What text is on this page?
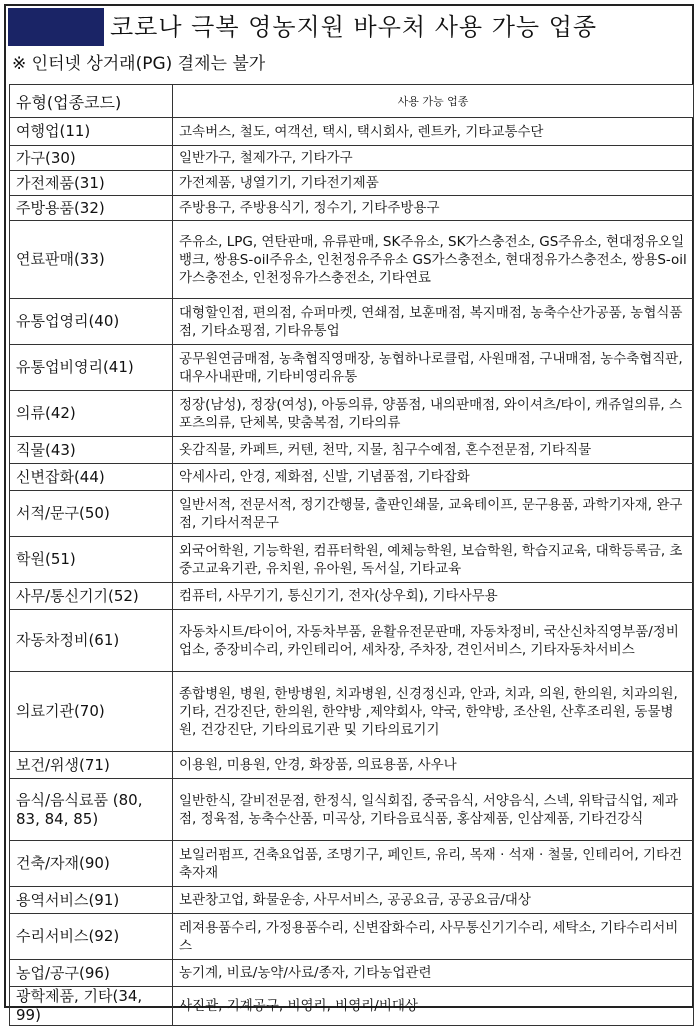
코로나 극복 영농지원 바우처 사용 가능 업종
※ 인터넷 상거래(PG) 결제는 불가
유형(업종코드)	사용 가능 업종
여행업(11)	고속버스, 철도, 여객선, 택시, 택시회사, 렌트카, 기타교통수단
가구(30)	일반가구, 철제가구, 기타가구
가전제품(31)	가전제품, 냉열기기, 기타전기제품
주방용품(32)	주방용구, 주방용식기, 정수기, 기타주방용구
연료판매(33)	주유소, LPG, 연탄판매, 유류판매, SK주유소, SK가스충전소, GS주유소, 현대정유오일뱅크, 쌍용S-oil주유소, 인천정유주유소 GS가스충전소, 현대정유가스충전소, 쌍용S-oil가스충전소, 인천정유가스충전소, 기타연료
유통업영리(40)	대형할인점, 편의점, 슈퍼마켓, 연쇄점, 보훈매점, 복지매점, 농축수산가공품, 농협식품점, 기타쇼핑점, 기타유통업
유통업비영리(41)	공무원연금매점, 농축협직영매장, 농협하나로클럽, 사원매점, 구내매점, 농수축협직판, 대우사내판매, 기타비영리유통
의류(42)	정장(남성), 정장(여성), 아동의류, 양품점, 내의판매점, 와이셔츠/타이, 캐쥬얼의류, 스포츠의류, 단체복, 맞춤복점, 기타의류
직물(43)	옷감직물, 카페트, 커텐, 천막, 지물, 침구수예점, 혼수전문점, 기타직물
신변잡화(44)	악세사리, 안경, 제화점, 신발, 기념품점, 기타잡화
서적/문구(50)	일반서적, 전문서적, 정기간행물, 출판인쇄물, 교육테이프, 문구용품, 과학기자재, 완구점, 기타서적문구
학원(51)	외국어학원, 기능학원, 컴퓨터학원, 예체능학원, 보습학원, 학습지교육, 대학등록금, 초중고교육기관, 유치원, 유아원, 독서실, 기타교육
사무/통신기기(52)	컴퓨터, 사무기기, 통신기기, 전자(상우회), 기타사무용
자동차정비(61)	자동차시트/타이어, 자동차부품, 윤활유전문판매, 자동차정비, 국산신차직영부품/정비업소, 중장비수리, 카인테리어, 세차장, 주차장, 견인서비스, 기타자동차서비스
의료기관(70)	종합병원, 병원, 한방병원, 치과병원, 신경정신과, 안과, 치과, 의원, 한의원, 치과의원, 기타, 건강진단, 한의원, 한약방 ,제약회사, 약국, 한약방, 조산원, 산후조리원, 동물병원, 건강진단, 기타의료기관 및 기타의료기기
보건/위생(71)	이용원, 미용원, 안경, 화장품, 의료용품, 사우나
음식/음식료품 (80, 83, 84, 85)	일반한식, 갈비전문점, 한정식, 일식회집, 중국음식, 서양음식, 스넥, 위탁급식업, 제과점, 정육점, 농축수산품, 미곡상, 기타음료식품, 홍삼제품, 인삼제품, 기타건강식
건축/자재(90)	보일러펌프, 건축요업품, 조명기구, 페인트, 유리, 목재 · 석재 · 철물, 인테리어, 기타건축자재
용역서비스(91)	보관창고업, 화물운송, 사무서비스, 공공요금, 공공요금/대상
수리서비스(92)	레져용품수리, 가정용품수리, 신변잡화수리, 사무통신기기수리, 세탁소, 기타수리서비스
농업/공구(96)	농기계, 비료/농약/사료/종자, 기타농업관련
광학제품, 기타(34, 99)	사진관, 기계공구, 비영리, 비영리/비대상
